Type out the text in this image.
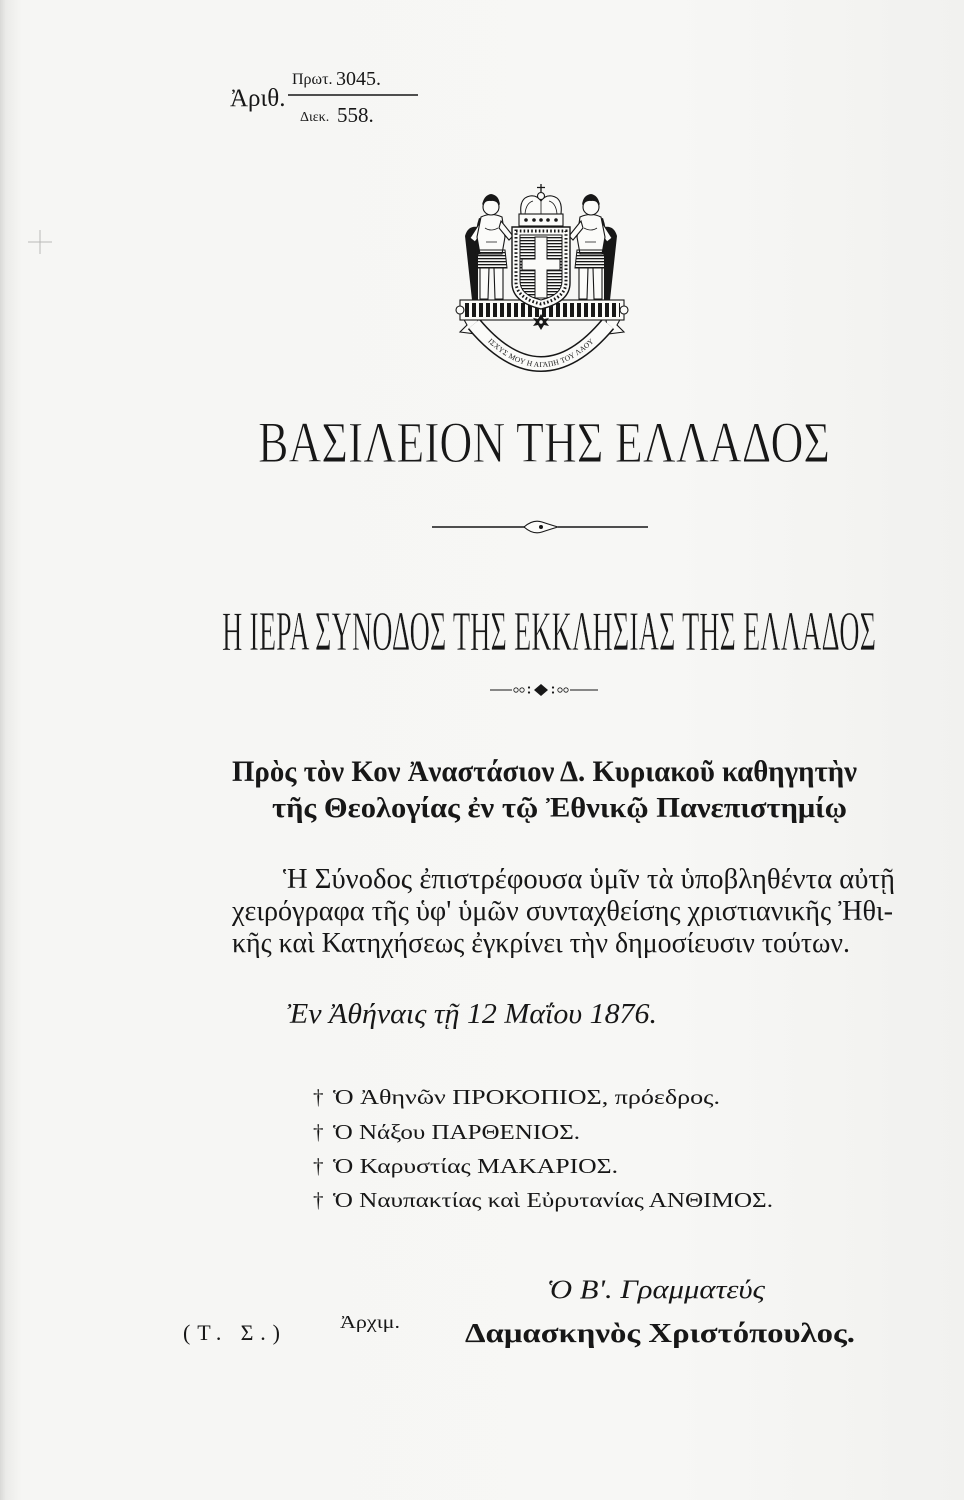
Ἀριθ.
Πρωτ. 3045.
Διεκ. 558.
ΙΣΧΥΣ ΜΟΥ Η ΑΓΑΠΗ ΤΟΥ ΛΑΟΥ
ΒΑΣΙΛΕΙΟΝ ΤΗΣ ΕΛΛΑΔΟΣ
Η ΙΕΡΑ ΣΥΝΟΔΟΣ ΤΗΣ ΕΚΚΛΗΣΙΑΣ ΤΗΣ ΕΛΛΑΔΟΣ
Πρὸς τὸν Κον Ἀναστάσιον Δ. Κυριακοῦ καθηγητὴν
τῆς Θεολογίας ἐν τῷ Ἐθνικῷ Πανεπιστημίῳ
Ἡ Σύνοδος ἐπιστρέφουσα ὑμῖν τὰ ὑποβληθέντα αὐτῇ
χειρόγραφα τῆς ὑφ' ὑμῶν συνταχθείσης χριστιανικῆς Ἠθι-
κῆς καὶ Κατηχήσεως ἐγκρίνει τὴν δημοσίευσιν τούτων.
Ἐν Ἀθήναις τῇ 12 Μαΐου 1876.
† Ὁ Ἀθηνῶν ΠΡΟΚΟΠΙΟΣ, πρόεδρος.
† Ὁ Νάξου ΠΑΡΘΕΝΙΟΣ.
† Ὁ Καρυστίας ΜΑΚΑΡΙΟΣ.
† Ὁ Ναυπακτίας καὶ Εὐρυτανίας ΑΝΘΙΜΟΣ.
Ὁ Β'. Γραμματεύς
(Τ. Σ.)	Ἀρχιμ. Δαμασκηνὸς Χριστόπουλος.
